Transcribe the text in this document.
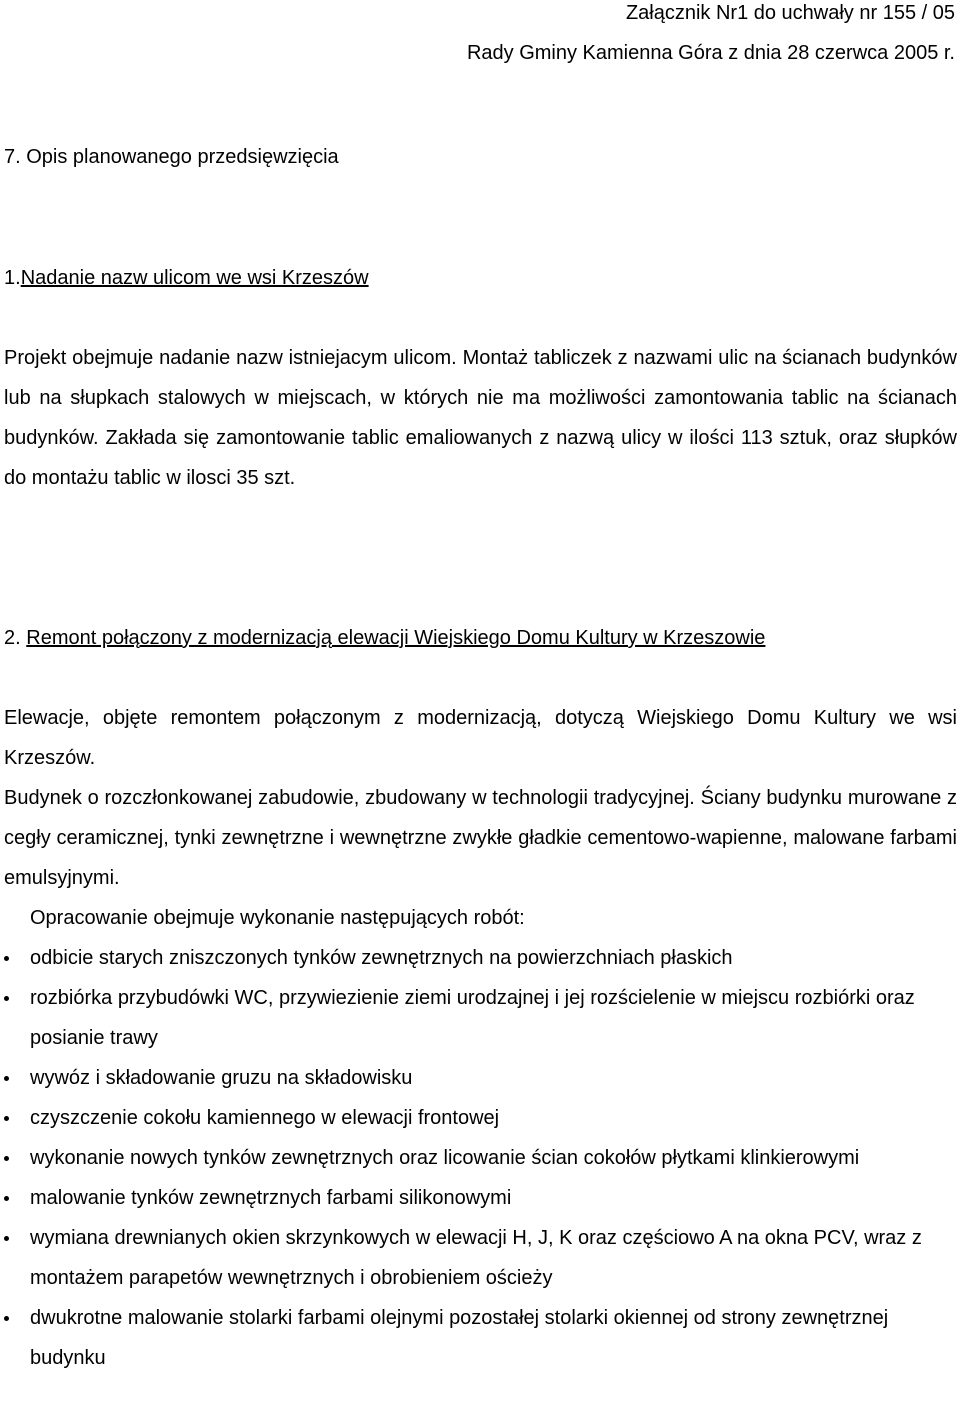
Załącznik Nr1 do uchwały nr 155 / 05
Rady Gminy Kamienna Góra z dnia 28 czerwca 2005 r.
7. Opis planowanego przedsięwzięcia
1.Nadanie nazw ulicom we wsi Krzeszów
Projekt obejmuje nadanie nazw istniejacym ulicom. Montaż tabliczek z nazwami ulic na ścianach budynków lub na słupkach stalowych w miejscach, w których nie ma możliwości zamontowania tablic na ścianach budynków. Zakłada się zamontowanie tablic emaliowanych z nazwą ulicy w ilości 113 sztuk, oraz słupków do montażu tablic w ilosci 35 szt.
2. Remont połączony z modernizacją elewacji Wiejskiego Domu Kultury w Krzeszowie
Elewacje, objęte remontem połączonym z modernizacją, dotyczą Wiejskiego Domu Kultury we wsi Krzeszów.
Budynek o rozczłonkowanej zabudowie, zbudowany w technologii tradycyjnej. Ściany budynku murowane z cegły ceramicznej, tynki zewnętrzne i wewnętrzne zwykłe gładkie cementowo-wapienne, malowane farbami emulsyjnymi.
Opracowanie obejmuje wykonanie następujących robót:
odbicie starych zniszczonych tynków zewnętrznych na powierzchniach płaskich
rozbiórka przybudówki WC, przywiezienie ziemi urodzajnej i jej rozścielenie w miejscu rozbiórki oraz posianie trawy
wywóz i składowanie gruzu na składowisku
czyszczenie cokołu kamiennego w elewacji frontowej
wykonanie nowych tynków zewnętrznych oraz licowanie ścian cokołów płytkami klinkierowymi
malowanie tynków zewnętrznych farbami silikonowymi
wymiana drewnianych okien skrzynkowych w elewacji H, J, K oraz częściowo A na okna PCV, wraz z montażem parapetów wewnętrznych i obrobieniem ościeży
dwukrotne malowanie stolarki farbami olejnymi pozostałej stolarki okiennej od strony zewnętrznej budynku
